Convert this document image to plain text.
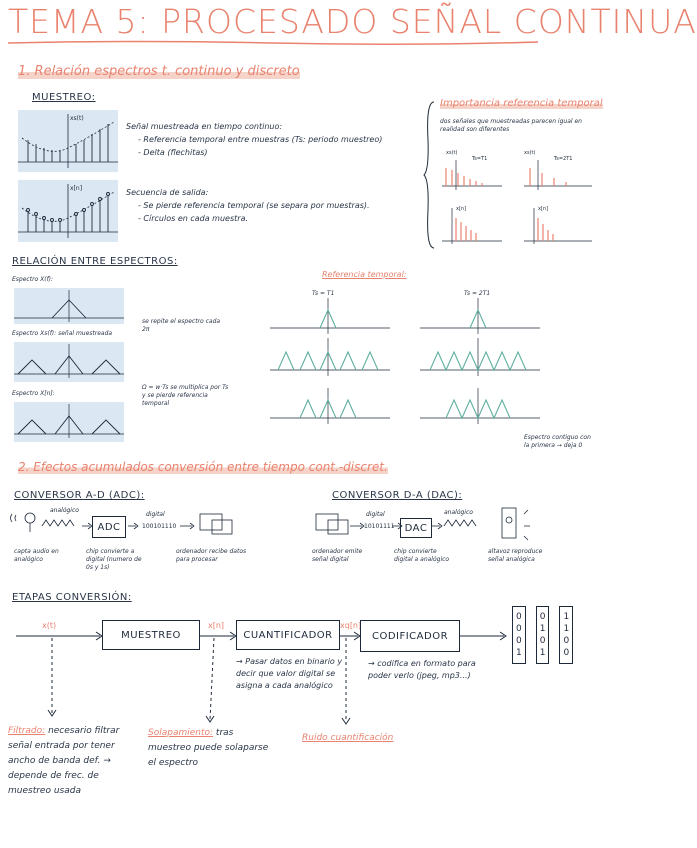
TEMA 5: PROCESADO SEÑAL CONTINUA
1. Relación espectros t. continuo y discreto
MUESTREO:
xs(t)
x[n]
Señal muestreada en tiempo continuo:
- Referencia temporal entre muestras (Ts: periodo muestreo)
- Delta (flechitas)
Secuencia de salida:
- Se pierde referencia temporal (se separa por muestras).
- Círculos en cada muestra.
Importancia referencia temporal
dos señales que muestreadas parecen igual en realidad son diferentes
xs(t)
Ts=T1
xs(t)
Ts=2T1
x[n]	x[n]
RELACIÓN ENTRE ESPECTROS:
Espectro X(f):
Espectro Xs(f): señal muestreada
Espectro X[n]:
se repite el espectro cada 2π
Ω = w·Ts se multiplica por Ts y se pierde referencia temporal
Referencia temporal:
Ts = T1	Ts = 2T1
Espectro contiguo con la primera → deja 0
2. Efectos acumulados conversión entre tiempo cont.-discret.
CONVERSOR A-D (ADC):	CONVERSOR D-A (DAC):
analógico
digital
100101110
ADC
capta audio en analógico
chip convierte a digital (numero de 0s y 1s)
ordenador recibe datos para procesar
digital
10101111
analógico
DAC
ordenador emite señal digital
chip convierte digital a analógico
altavoz reproduce señal analógica
ETAPAS CONVERSIÓN:
x(t)	x[n]	xq[n]
MUESTREO	CUANTIFICADOR	CODIFICADOR
0
0
0
1
0
1
0
1
1
1
0
0
→ Pasar datos en binario y decir que valor digital se asigna a cada analógico
→ codifica en formato para poder verlo (jpeg, mp3...)
Filtrado: necesario filtrar señal entrada por tener ancho de banda def. → depende de frec. de muestreo usada
Solapamiento: tras muestreo puede solaparse el espectro
Ruido cuantificación
